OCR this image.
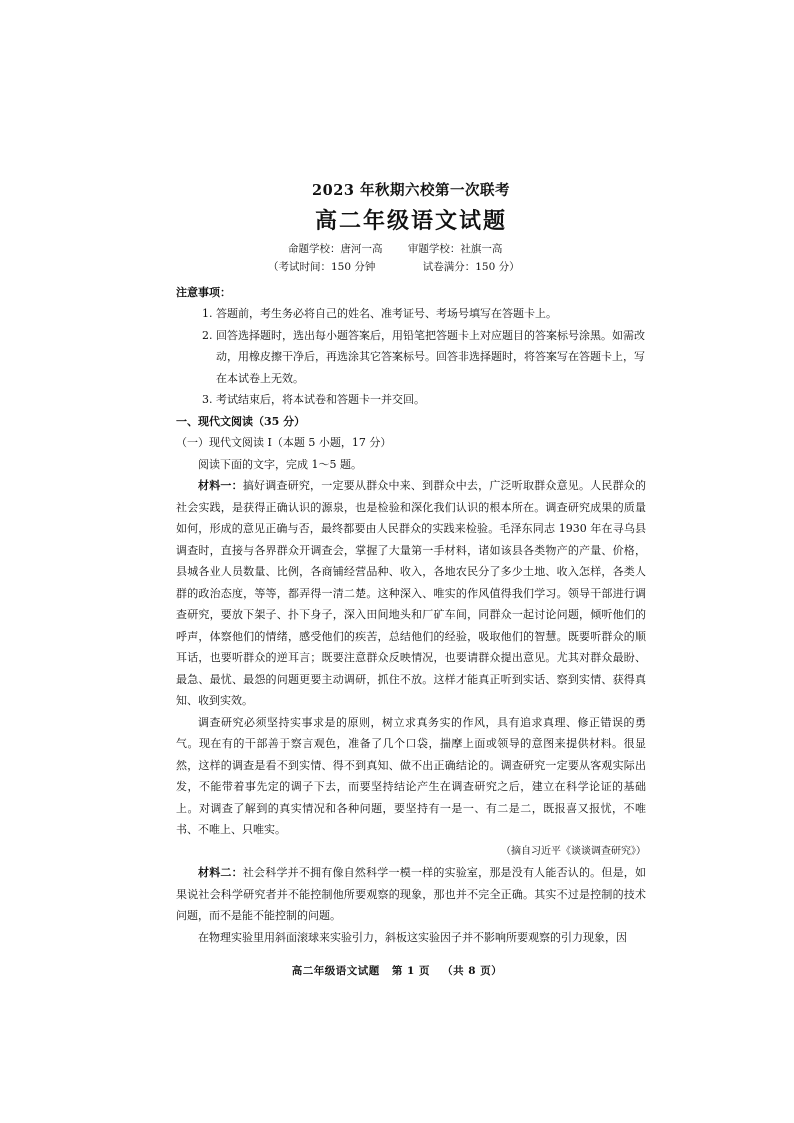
2023 年秋期六校第一次联考
高二年级语文试题
命题学校：唐河一高 审题学校：社旗一高
（考试时间：150 分钟	试卷满分：150 分）
注意事项：
1. 答题前，考生务必将自己的姓名、准考证号、考场号填写在答题卡上。
2. 回答选择题时，选出每小题答案后，用铅笔把答题卡上对应题目的答案标号涂黑。如需改动，用橡皮擦干净后，再选涂其它答案标号。回答非选择题时，将答案写在答题卡上，写在本试卷上无效。
3. 考试结束后，将本试卷和答题卡一并交回。
一、现代文阅读（35 分）
（一）现代文阅读 I（本题 5 小题，17 分）
阅读下面的文字，完成 1～5 题。
材料一：搞好调查研究，一定要从群众中来、到群众中去，广泛听取群众意见。人民群众的社会实践，是获得正确认识的源泉，也是检验和深化我们认识的根本所在。调查研究成果的质量如何，形成的意见正确与否，最终都要由人民群众的实践来检验。毛泽东同志 1930 年在寻乌县调查时，直接与各界群众开调查会，掌握了大量第一手材料，诸如该县各类物产的产量、价格，县城各业人员数量、比例，各商铺经营品种、收入，各地农民分了多少土地、收入怎样，各类人群的政治态度，等等，都弄得一清二楚。这种深入、唯实的作风值得我们学习。领导干部进行调查研究，要放下架子、扑下身子，深入田间地头和厂矿车间，同群众一起讨论问题，倾听他们的呼声，体察他们的情绪，感受他们的疾苦，总结他们的经验，吸取他们的智慧。既要听群众的顺耳话，也要听群众的逆耳言；既要注意群众反映情况，也要请群众提出意见。尤其对群众最盼、最急、最忧、最怨的问题更要主动调研，抓住不放。这样才能真正听到实话、察到实情、获得真知、收到实效。
调查研究必须坚持实事求是的原则，树立求真务实的作风，具有追求真理、修正错误的勇气。现在有的干部善于察言观色，准备了几个口袋，揣摩上面或领导的意图来提供材料。很显然，这样的调查是看不到实情、得不到真知、做不出正确结论的。调查研究一定要从客观实际出发，不能带着事先定的调子下去，而要坚持结论产生在调查研究之后，建立在科学论证的基础上。对调查了解到的真实情况和各种问题，要坚持有一是一、有二是二，既报喜又报忧，不唯书、不唯上、只唯实。
（摘自习近平《谈谈调查研究》）
材料二：社会科学并不拥有像自然科学一模一样的实验室，那是没有人能否认的。但是，如果说社会科学研究者并不能控制他所要观察的现象，那也并不完全正确。其实不过是控制的技术问题，而不是能不能控制的问题。
在物理实验里用斜面滚球来实验引力，斜板这实验因子并不影响所要观察的引力现象，因
高二年级语文试题 第 1 页 （共 8 页）
